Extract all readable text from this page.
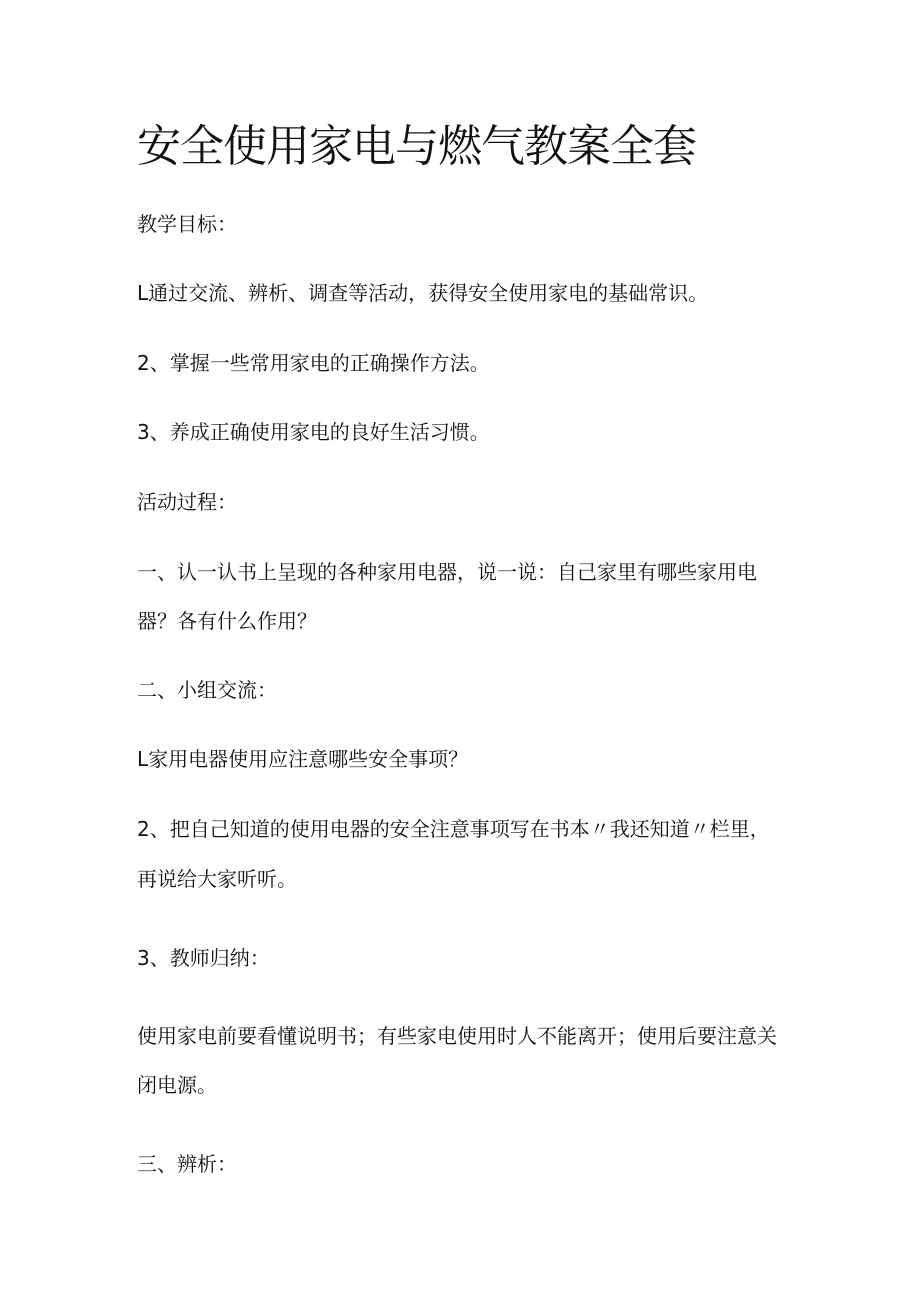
安全使用家电与燃气教案全套

教学目标：

L通过交流、辨析、调查等活动，获得安全使用家电的基础常识。

2、掌握一些常用家电的正确操作方法。

3、养成正确使用家电的良好生活习惯。

活动过程：

一、认一认书上呈现的各种家用电器，说一说：自己家里有哪些家用电

器？各有什么作用？

二、小组交流：

L家用电器使用应注意哪些安全事项？

2、把自己知道的使用电器的安全注意事项写在书本〃我还知道〃栏里，

再说给大家听听。

3、教师归纳：

使用家电前要看懂说明书；有些家电使用时人不能离开；使用后要注意关

闭电源。

三、辨析：
